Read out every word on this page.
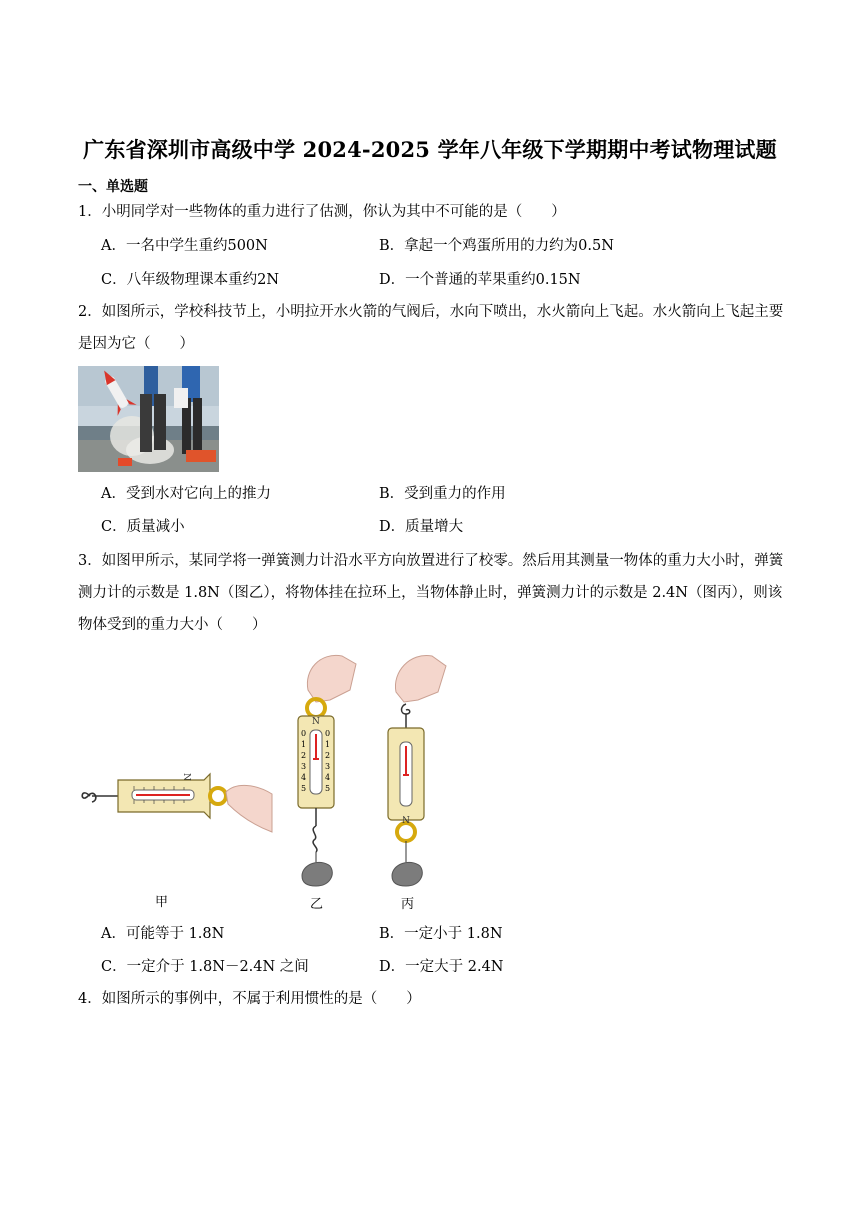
广东省深圳市高级中学 2024-2025 学年八年级下学期期中考试物理试题
一、单选题
1．小明同学对一些物体的重力进行了估测，你认为其中不可能的是（　　）
A．一名中学生重约500N	B．拿起一个鸡蛋所用的力约为0.5N
C．八年级物理课本重约2N	D．一个普通的苹果重约0.15N
2．如图所示，学校科技节上，小明拉开水火箭的气阀后，水向下喷出，水火箭向上飞起。水火箭向上飞起主要是因为它（　　）
A．受到水对它向上的推力	B．受到重力的作用
C．质量减小	D．质量增大
3．如图甲所示，某同学将一弹簧测力计沿水平方向放置进行了校零。然后用其测量一物体的重力大小时，弹簧测力计的示数是 1.8N（图乙），将物体挂在拉环上，当物体静止时，弹簧测力计的示数是 2.4N（图丙），则该物体受到的重力大小（　　）
N
N
N
0
1
2
3
4
5
0
1
2
3
4
5
甲	乙	丙
A．可能等于 1.8N	B．一定小于 1.8N
C．一定介于 1.8N－2.4N 之间	D．一定大于 2.4N
4．如图所示的事例中，不属于利用惯性的是（　　）
